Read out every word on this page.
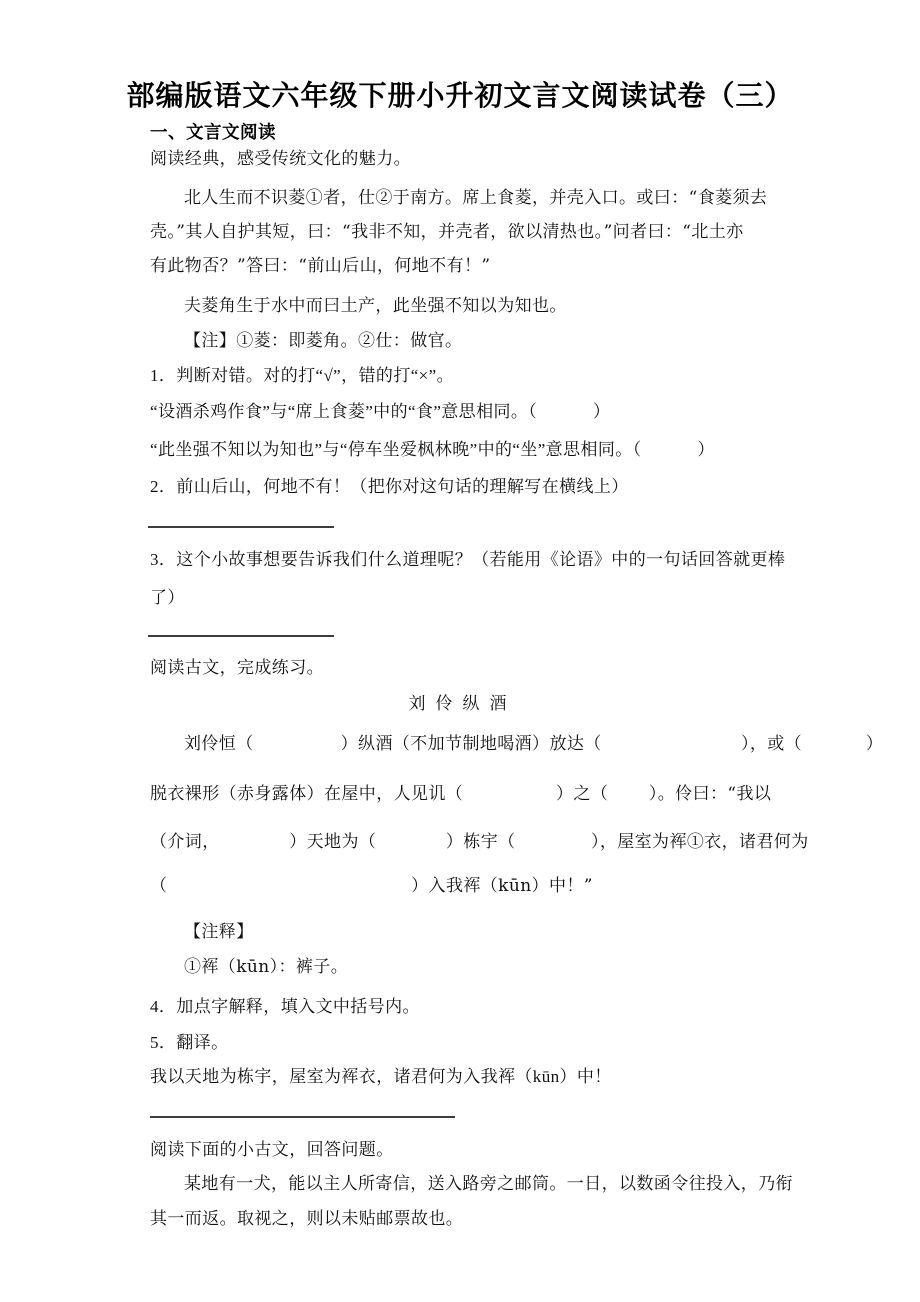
部编版语文六年级下册小升初文言文阅读试卷（三）
一、文言文阅读
阅读经典，感受传统文化的魅力。
北人生而不识菱①者，仕②于南方。席上食菱，并壳入口。或曰：“食菱须去
壳。”其人自护其短，曰：“我非不知，并壳者，欲以清热也。”问者曰：“北土亦
有此物否？”答曰：“前山后山，何地不有！”
夫菱角生于水中而曰土产，此坐强不知以为知也。
【注】①菱：即菱角。②仕：做官。
1．判断对错。对的打“√”，错的打“×”。
“设酒杀鸡作食”与“席上食菱”中的“食”意思相同。（            ）
“此坐强不知以为知也”与“停车坐爱枫林晚”中的“坐”意思相同。（            ）
2．前山后山，何地不有！（把你对这句话的理解写在横线上）
3．这个小故事想要告诉我们什么道理呢？（若能用《论语》中的一句话回答就更棒
了）
阅读古文，完成练习。
刘伶纵酒
刘伶恒（               ）纵酒（不加节制地喝酒）放达（                        ），或（           ）
脱衣裸形（赤身露体）在屋中，人见讥（                ）之（       ）。伶曰：“我以
（介词，            ）天地为（            ）栋宇（             ），屋室为裈①衣，诸君何为
（                                          ）入我裈（kūn）中！”
【注释】
①裈（kūn）：裤子。
4．加点字解释，填入文中括号内。
5．翻译。
我以天地为栋宇，屋室为裈衣，诸君何为入我裈（kūn）中！
阅读下面的小古文，回答问题。
某地有一犬，能以主人所寄信，送入路旁之邮筒。一日，以数函令往投入，乃衔
其一而返。取视之，则以未贴邮票故也。
